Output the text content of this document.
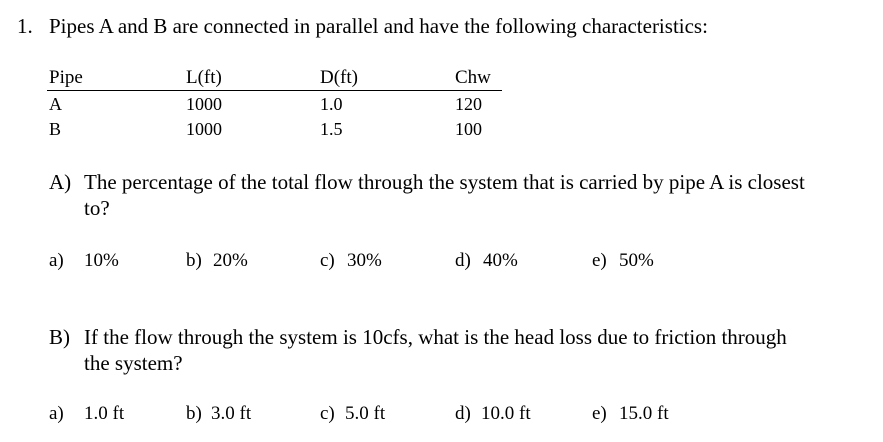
1. Pipes A and B are connected in parallel and have the following characteristics:
Pipe	L(ft)	D(ft)	Chw
A	1000	1.0	120
B	1000	1.5	100
A) The percentage of the total flow through the system that is carried by pipe A is closest
to?
a) 10%	b) 20%	c) 30%	d) 40%	e) 50%
B) If the flow through the system is 10cfs, what is the head loss due to friction through
the system?
a) 1.0 ft	b) 3.0 ft	c) 5.0 ft	d) 10.0 ft	e) 15.0 ft
